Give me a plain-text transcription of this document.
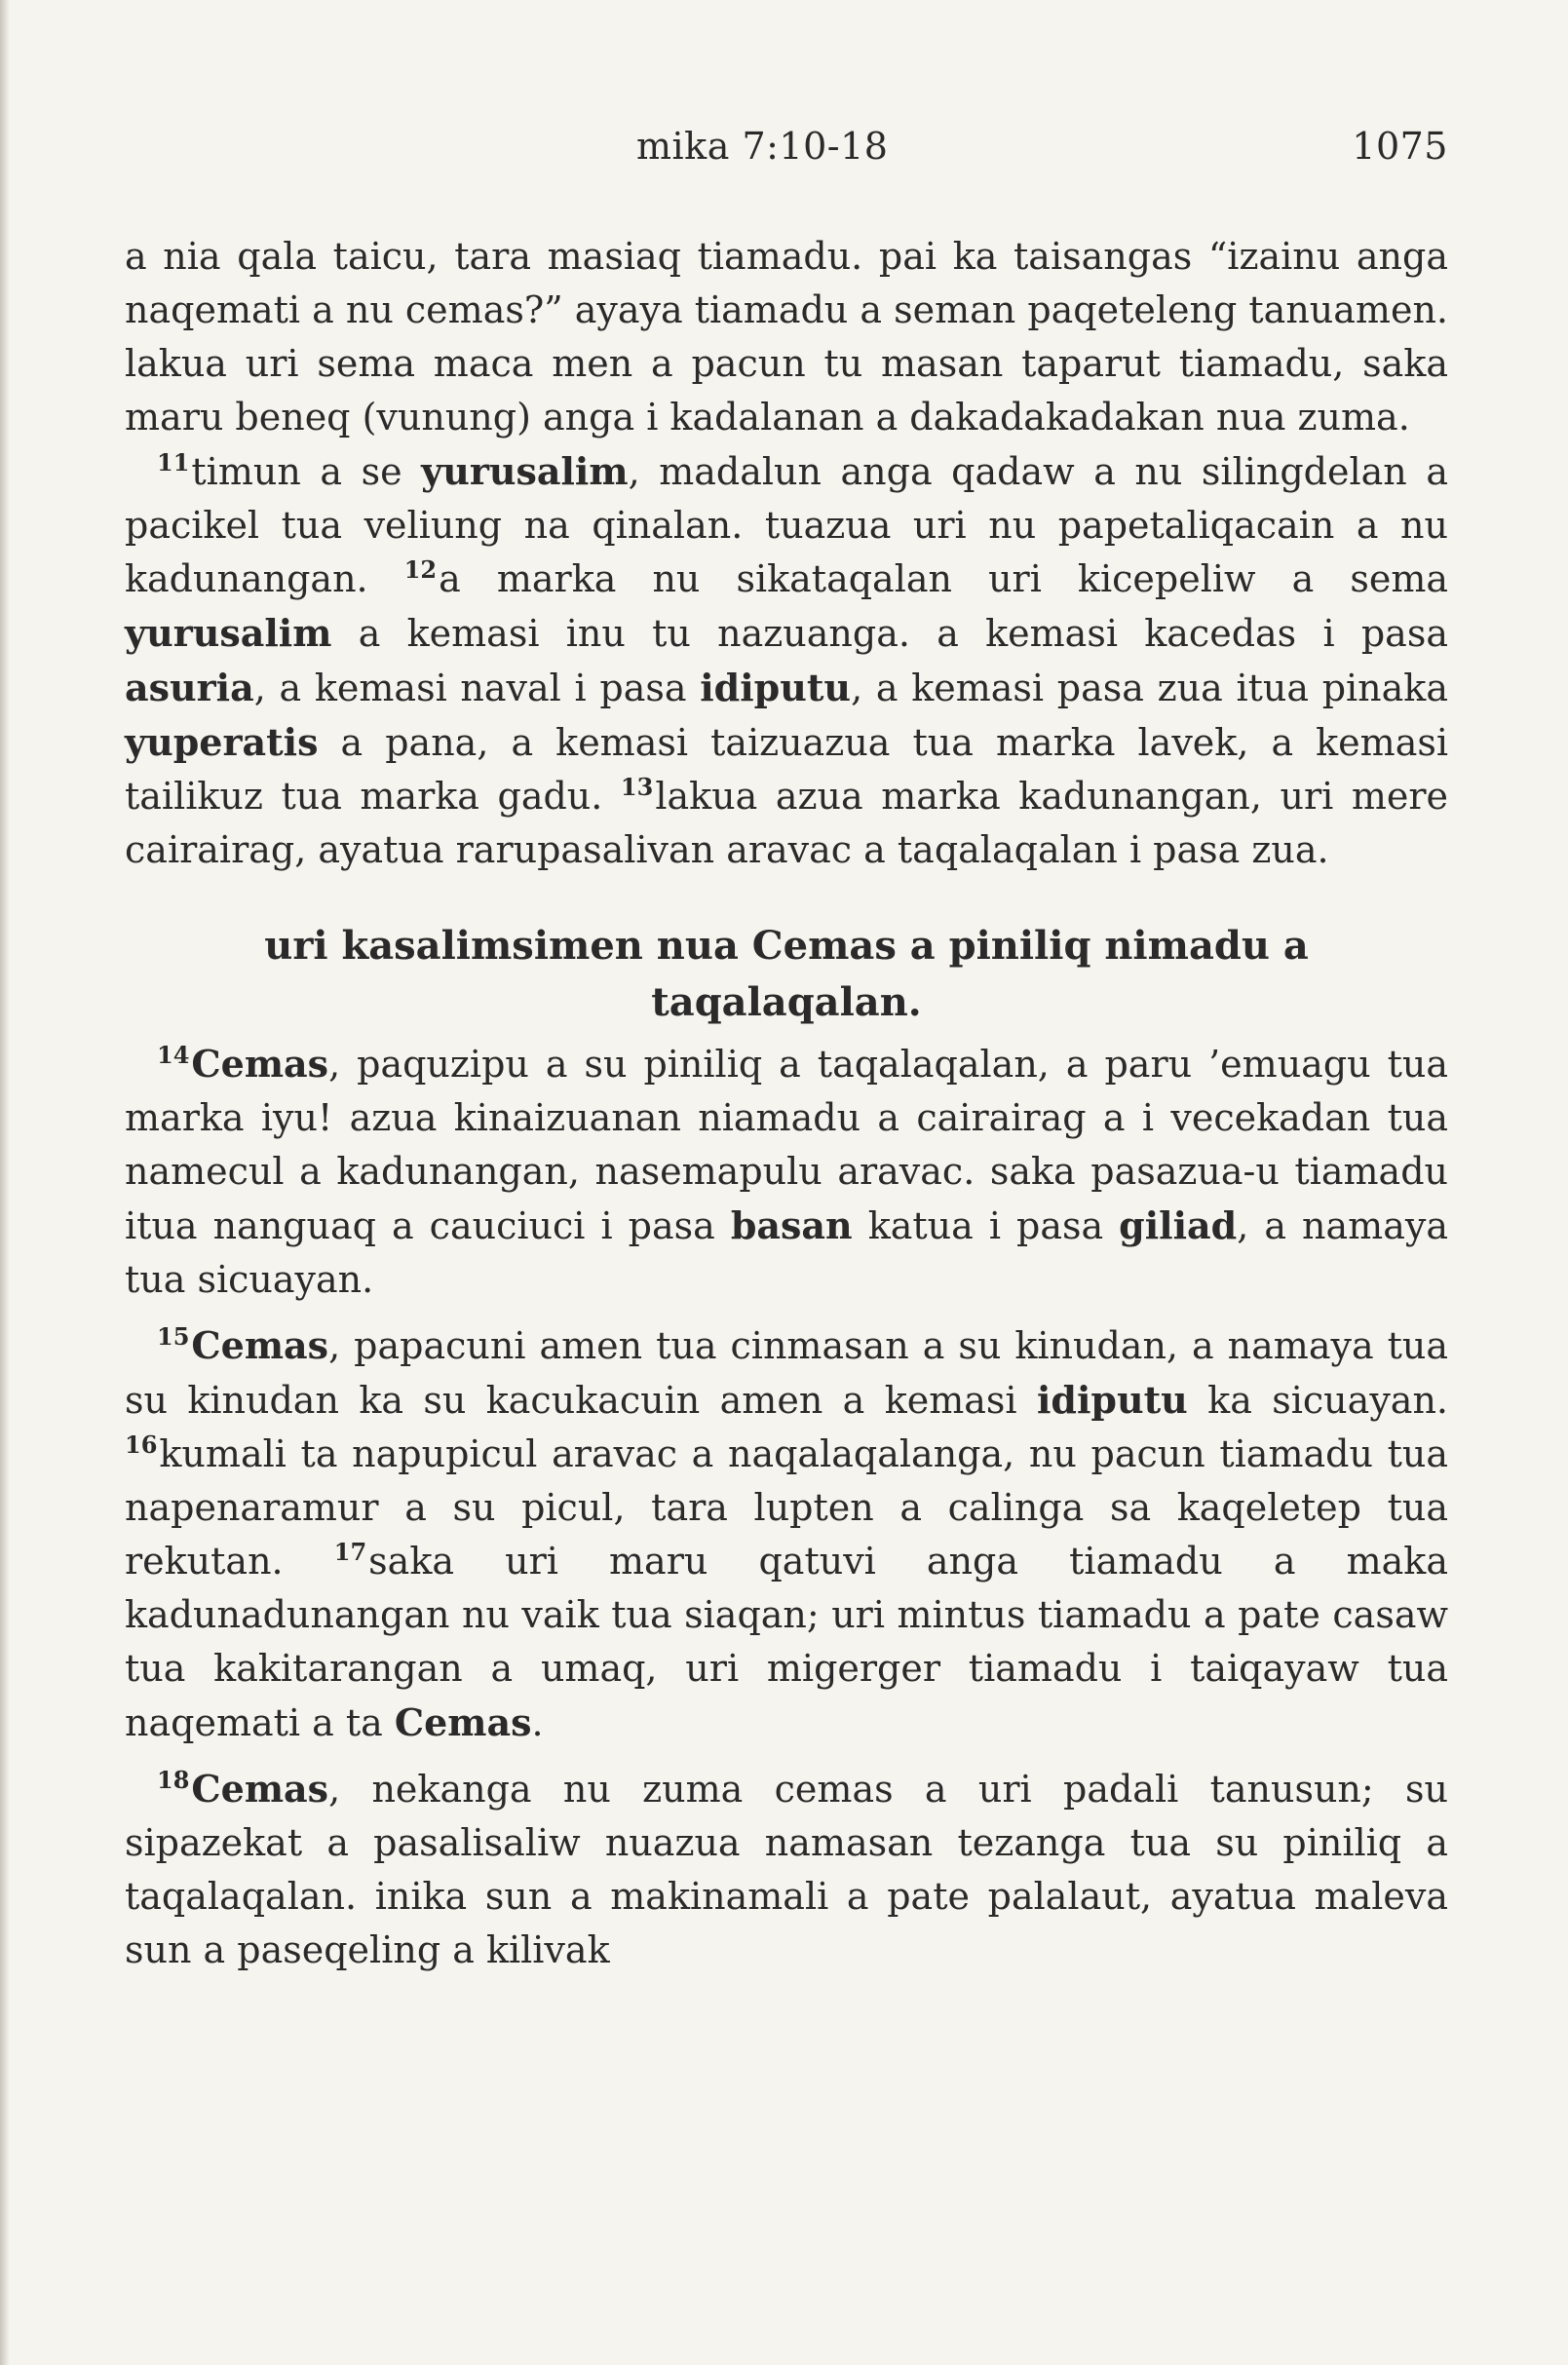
mika 7:10-18	1075

a nia qala taicu, tara masiaq tiamadu. pai ka taisangas “izainu anga naqemati a nu cemas?” ayaya tiamadu a seman paqeteleng tanuamen. lakua uri sema maca men a pacun tu masan taparut tiamadu, saka maru beneq (vunung) anga i kadalanan a dakadakadakan nua zuma.

$^{11}$timun a se yurusalim, madalun anga qadaw a nu silingdelan a pacikel tua veliung na qinalan. tuazua uri nu papetaliqacain a nu kadunangan. $^{12}$a marka nu sikataqalan uri kicepeliw a sema yurusalim a kemasi inu tu nazuanga. a kemasi kacedas i pasa asuria, a kemasi naval i pasa idiputu, a kemasi pasa zua itua pinaka yuperatis a pana, a kemasi taizuazua tua marka lavek, a kemasi tailikuz tua marka gadu. $^{13}$lakua azua marka kadunangan, uri mere cairairag, ayatua rarupasalivan aravac a taqalaqalan i pasa zua.

uri kasalimsimen nua Cemas a piniliq nimadu a taqalaqalan.

$^{14}$Cemas, paquzipu a su piniliq a taqalaqalan, a paru ’emuagu tua marka iyu! azua kinaizuanan niamadu a cairairag a i vecekadan tua namecul a kadunangan, nasemapulu aravac. saka pasazua-u tiamadu itua nanguaq a cauciuci i pasa basan katua i pasa giliad, a namaya tua sicuayan.

$^{15}$Cemas, papacuni amen tua cinmasan a su kinudan, a namaya tua su kinudan ka su kacukacuin amen a kemasi idiputu ka sicuayan. $^{16}$kumali ta napupicul aravac a naqalaqalanga, nu pacun tiamadu tua napenaramur a su picul, tara lupten a calinga sa kaqeletep tua rekutan. $^{17}$saka uri maru qatuvi anga tiamadu a maka kadunadunangan nu vaik tua siaqan; uri mintus tiamadu a pate casaw tua kakitarangan a umaq, uri migerger tiamadu i taiqayaw tua naqemati a ta Cemas.

$^{18}$Cemas, nekanga nu zuma cemas a uri padali tanusun; su sipazekat a pasalisaliw nuazua namasan tezanga tua su piniliq a taqalaqalan. inika sun a makinamali a pate palalaut, ayatua maleva sun a paseqeling a kilivak
